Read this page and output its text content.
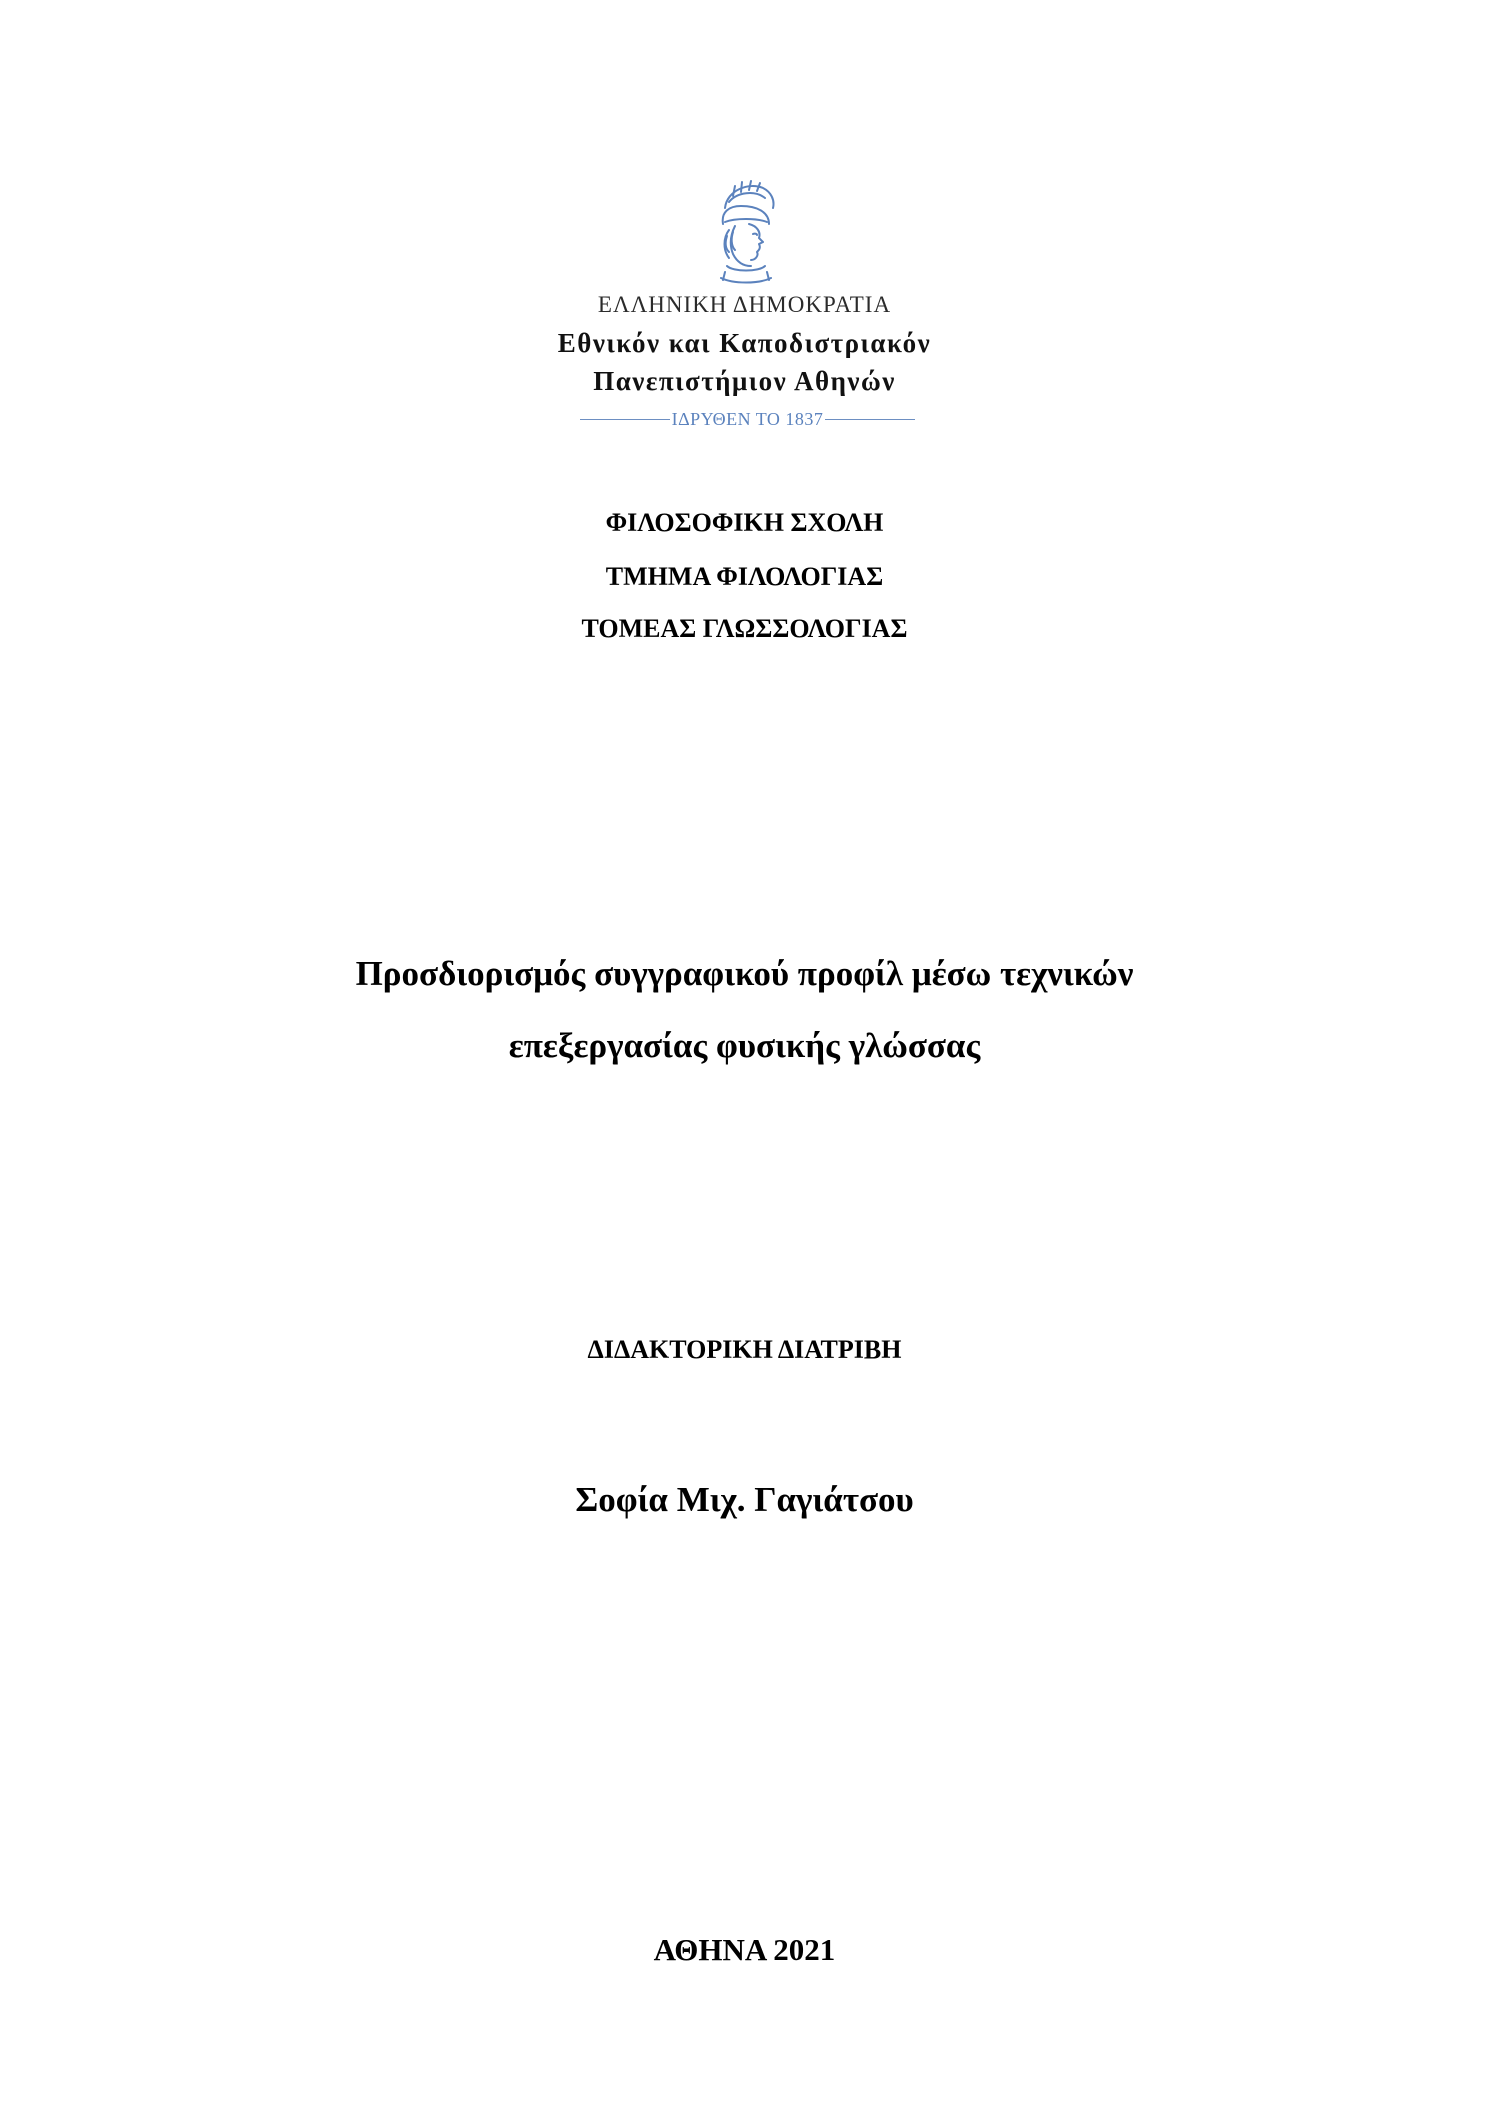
ΕΛΛΗΝΙΚΗ ΔΗΜΟΚΡΑΤΙΑ
Εθνικόν και Καποδιστριακόν
Πανεπιστήμιον Αθηνών
ΙΔΡΥΘΕΝ ΤΟ 1837
ΦΙΛΟΣΟΦΙΚΗ ΣΧΟΛΗ
ΤΜΗΜΑ ΦΙΛΟΛΟΓΙΑΣ
ΤΟΜΕΑΣ ΓΛΩΣΣΟΛΟΓΙΑΣ
Προσδιορισμός συγγραφικού προφίλ μέσω τεχνικών
επεξεργασίας φυσικής γλώσσας
ΔΙΔΑΚΤΟΡΙΚΗ ΔΙΑΤΡΙΒΗ
Σοφία Μιχ. Γαγιάτσου
ΑΘΗΝΑ 2021
